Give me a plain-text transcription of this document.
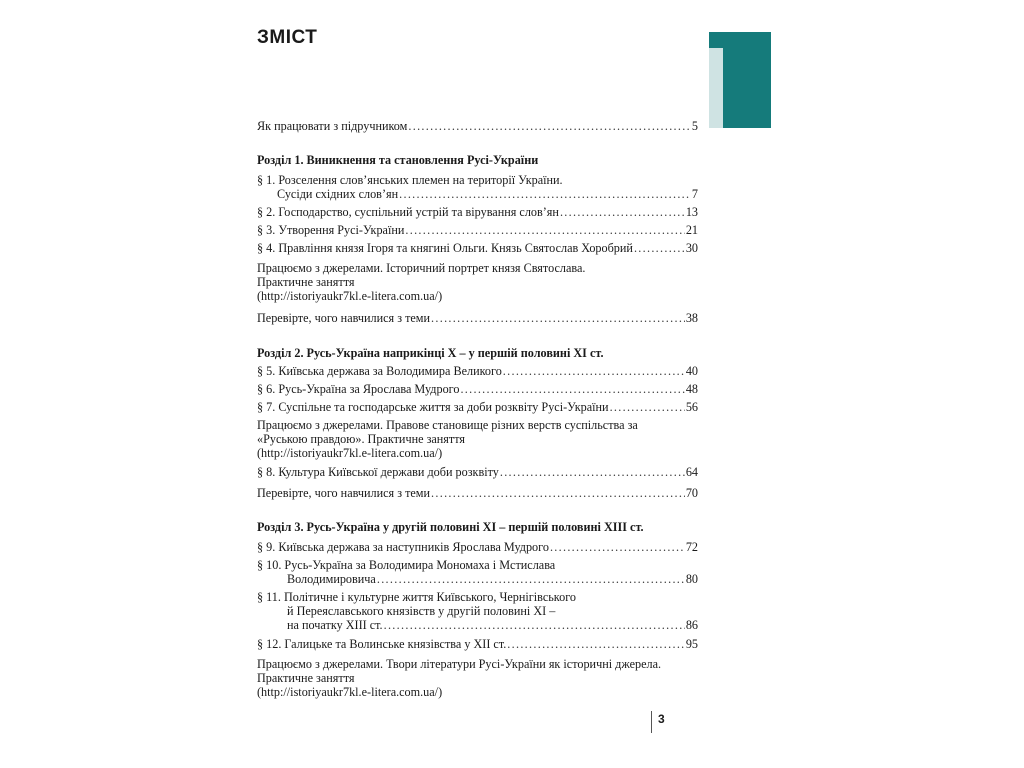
ЗМІСТ
Як працювати з підручником .....	5
Розділ 1. Виникнення та становлення Русі-України
§ 1. Розселення слов’янських племен на території України.
Сусіди східних слов’ян .....	7
§ 2. Господарство, суспільний устрій та вірування слов’ян .....	13
§ 3. Утворення Русі-України .....	21
§ 4. Правління князя Ігоря та княгині Ольги. Князь Святослав Хоробрий .....	30
Працюємо з джерелами. Історичний портрет князя Святослава.
Практичне заняття
(http://istoriyaukr7kl.e-litera.com.ua/)
Перевірте, чого навчилися з теми .....	38
Розділ 2. Русь-Україна наприкінці Х – у першій половині ХІ ст.
§ 5. Київська держава за Володимира Великого .....	40
§ 6. Русь-Україна за Ярослава Мудрого .....	48
§ 7. Суспільне та господарське життя за доби розквіту Русі-України .....	56
Працюємо з джерелами. Правове становище різних верств суспільства за
«Руською правдою». Практичне заняття
(http://istoriyaukr7kl.e-litera.com.ua/)
§ 8. Культура Київської держави доби розквіту .....	64
Перевірте, чого навчилися з теми .....	70
Розділ 3. Русь-Україна у другій половині ХІ – першій половині ХІІІ ст.
§ 9. Київська держава за наступників Ярослава Мудрого .....	72
§ 10. Русь-Україна за Володимира Мономаха і Мстислава
Володимировича .....	80
§ 11. Політичне і культурне життя Київського, Чернігівського
й Переяславського князівств у другій половині ХІ –
на початку ХІІІ ст. .....	86
§ 12. Галицьке та Волинське князівства у ХІІ ст. .....	95
Працюємо з джерелами. Твори літератури Русі-України як історичні джерела.
Практичне заняття
(http://istoriyaukr7kl.e-litera.com.ua/)
3
